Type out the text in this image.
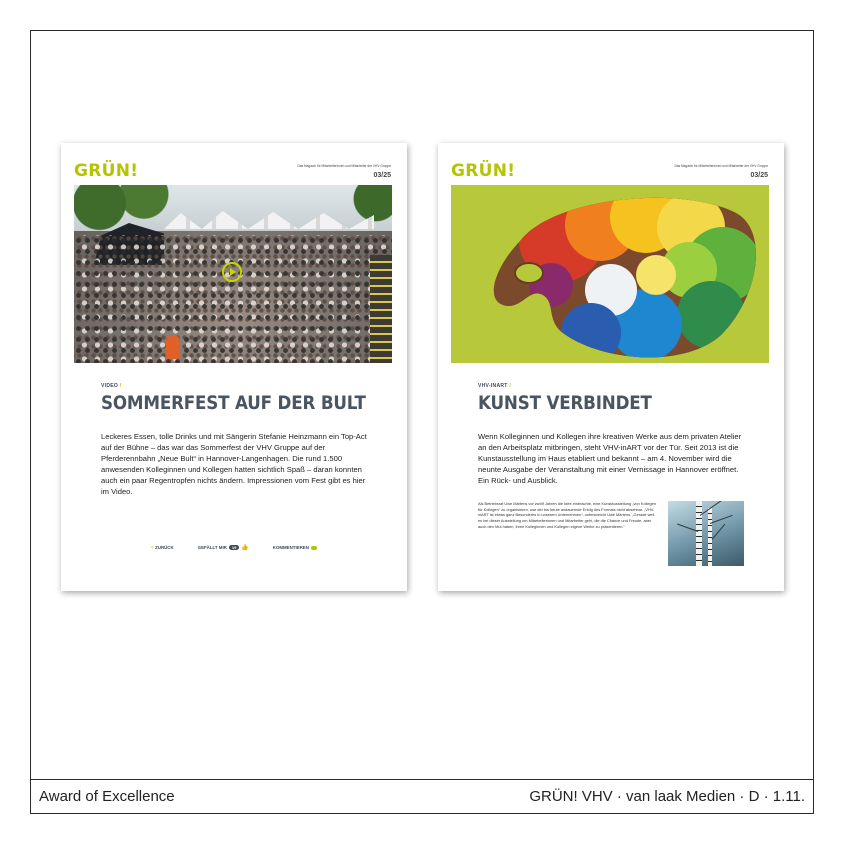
GRÜN!	Das Magazin für Mitarbeiterinnen und Mitarbeiter der VHV Gruppe
03/25
VIDEO /
SOMMERFEST AUF DER BULT
Leckeres Essen, tolle Drinks und mit Sängerin Stefanie Heinzmann ein Top-Act auf der Bühne – das war das Sommerfest der VHV Gruppe auf der Pferderennbahn „Neue Bult“ in Hannover-Langenhagen. Die rund 1.500 anwesenden Kolleginnen und Kollegen hatten sichtlich Spaß – daran konnten auch ein paar Regentropfen nichts ändern. Impressionen vom Fest gibt es hier im Video.
‹ ZURÜCK	GEFÄLLT MIR	19 👍	KOMMENTIEREN
GRÜN!	Das Magazin für Mitarbeiterinnen und Mitarbeiter der VHV Gruppe
03/25
VHV-INART /
KUNST VERBINDET
Wenn Kolleginnen und Kollegen ihre kreativen Werke aus dem privaten Atelier an den Arbeitsplatz mitbringen, steht VHV-inART vor der Tür. Seit 2013 ist die Kunstausstellung im Haus etabliert und bekannt – am 4. November wird die neunte Ausgabe der Veranstaltung mit einer Vernissage in Hannover eröffnet. Ein Rück- und Ausblick.
Als Betriebsrat Uwe Märtens vor zwölf Jahren die Idee einbrachte, eine Kunstausstellung „von Kollegen für Kollegen“ zu organisieren, war der bis heute andauernde Erfolg des Formats nicht absehbar. „VHV-inART ist etwas ganz Besonderes in unserem Unternehmen“, unterstreicht Uwe Märtens. „Gerade weil es bei dieser Ausstellung um Mitarbeiterinnen und Mitarbeiter geht, die die Chance und Freude, aber auch den Mut haben, ihren Kolleginnen und Kollegen eigene Werke zu präsentieren.“
Award of Excellence	GRÜN! VHV · van laak Medien · D · 1.11.
